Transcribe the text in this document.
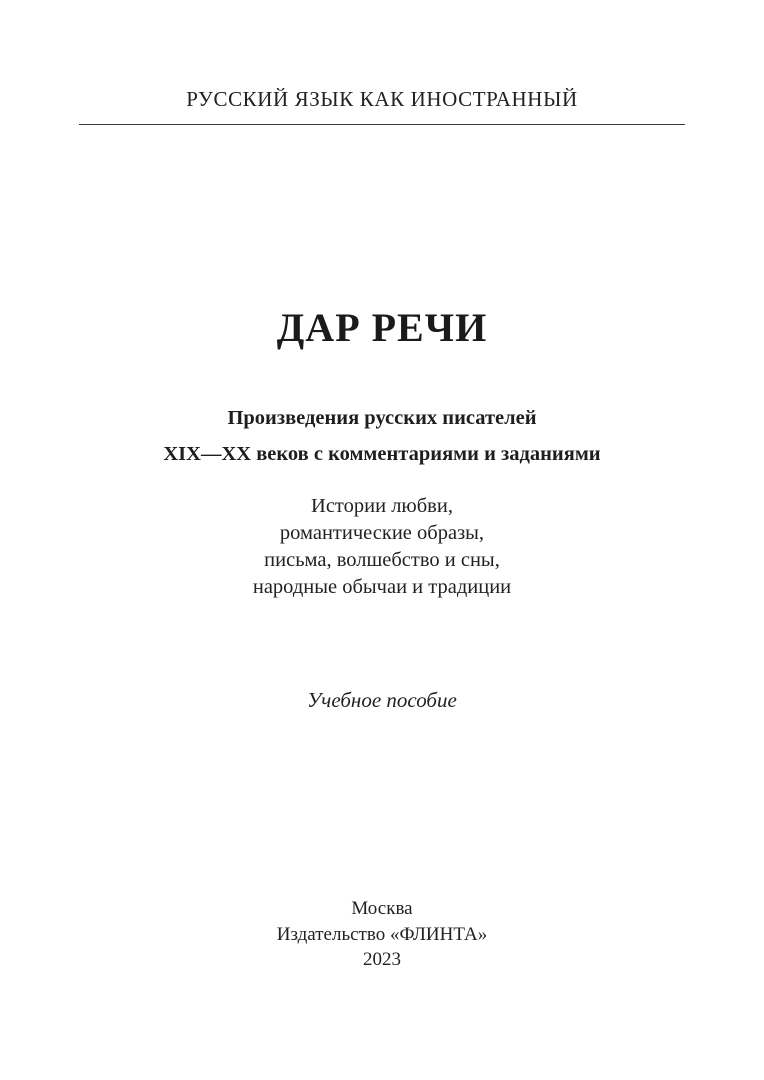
РУССКИЙ ЯЗЫК КАК ИНОСТРАННЫЙ
ДАР РЕЧИ
Произведения русских писателей
XIX—XX веков с комментариями и заданиями
Истории любви,
романтические образы,
письма, волшебство и сны,
народные обычаи и традиции
Учебное пособие
Москва
Издательство «ФЛИНТА»
2023
